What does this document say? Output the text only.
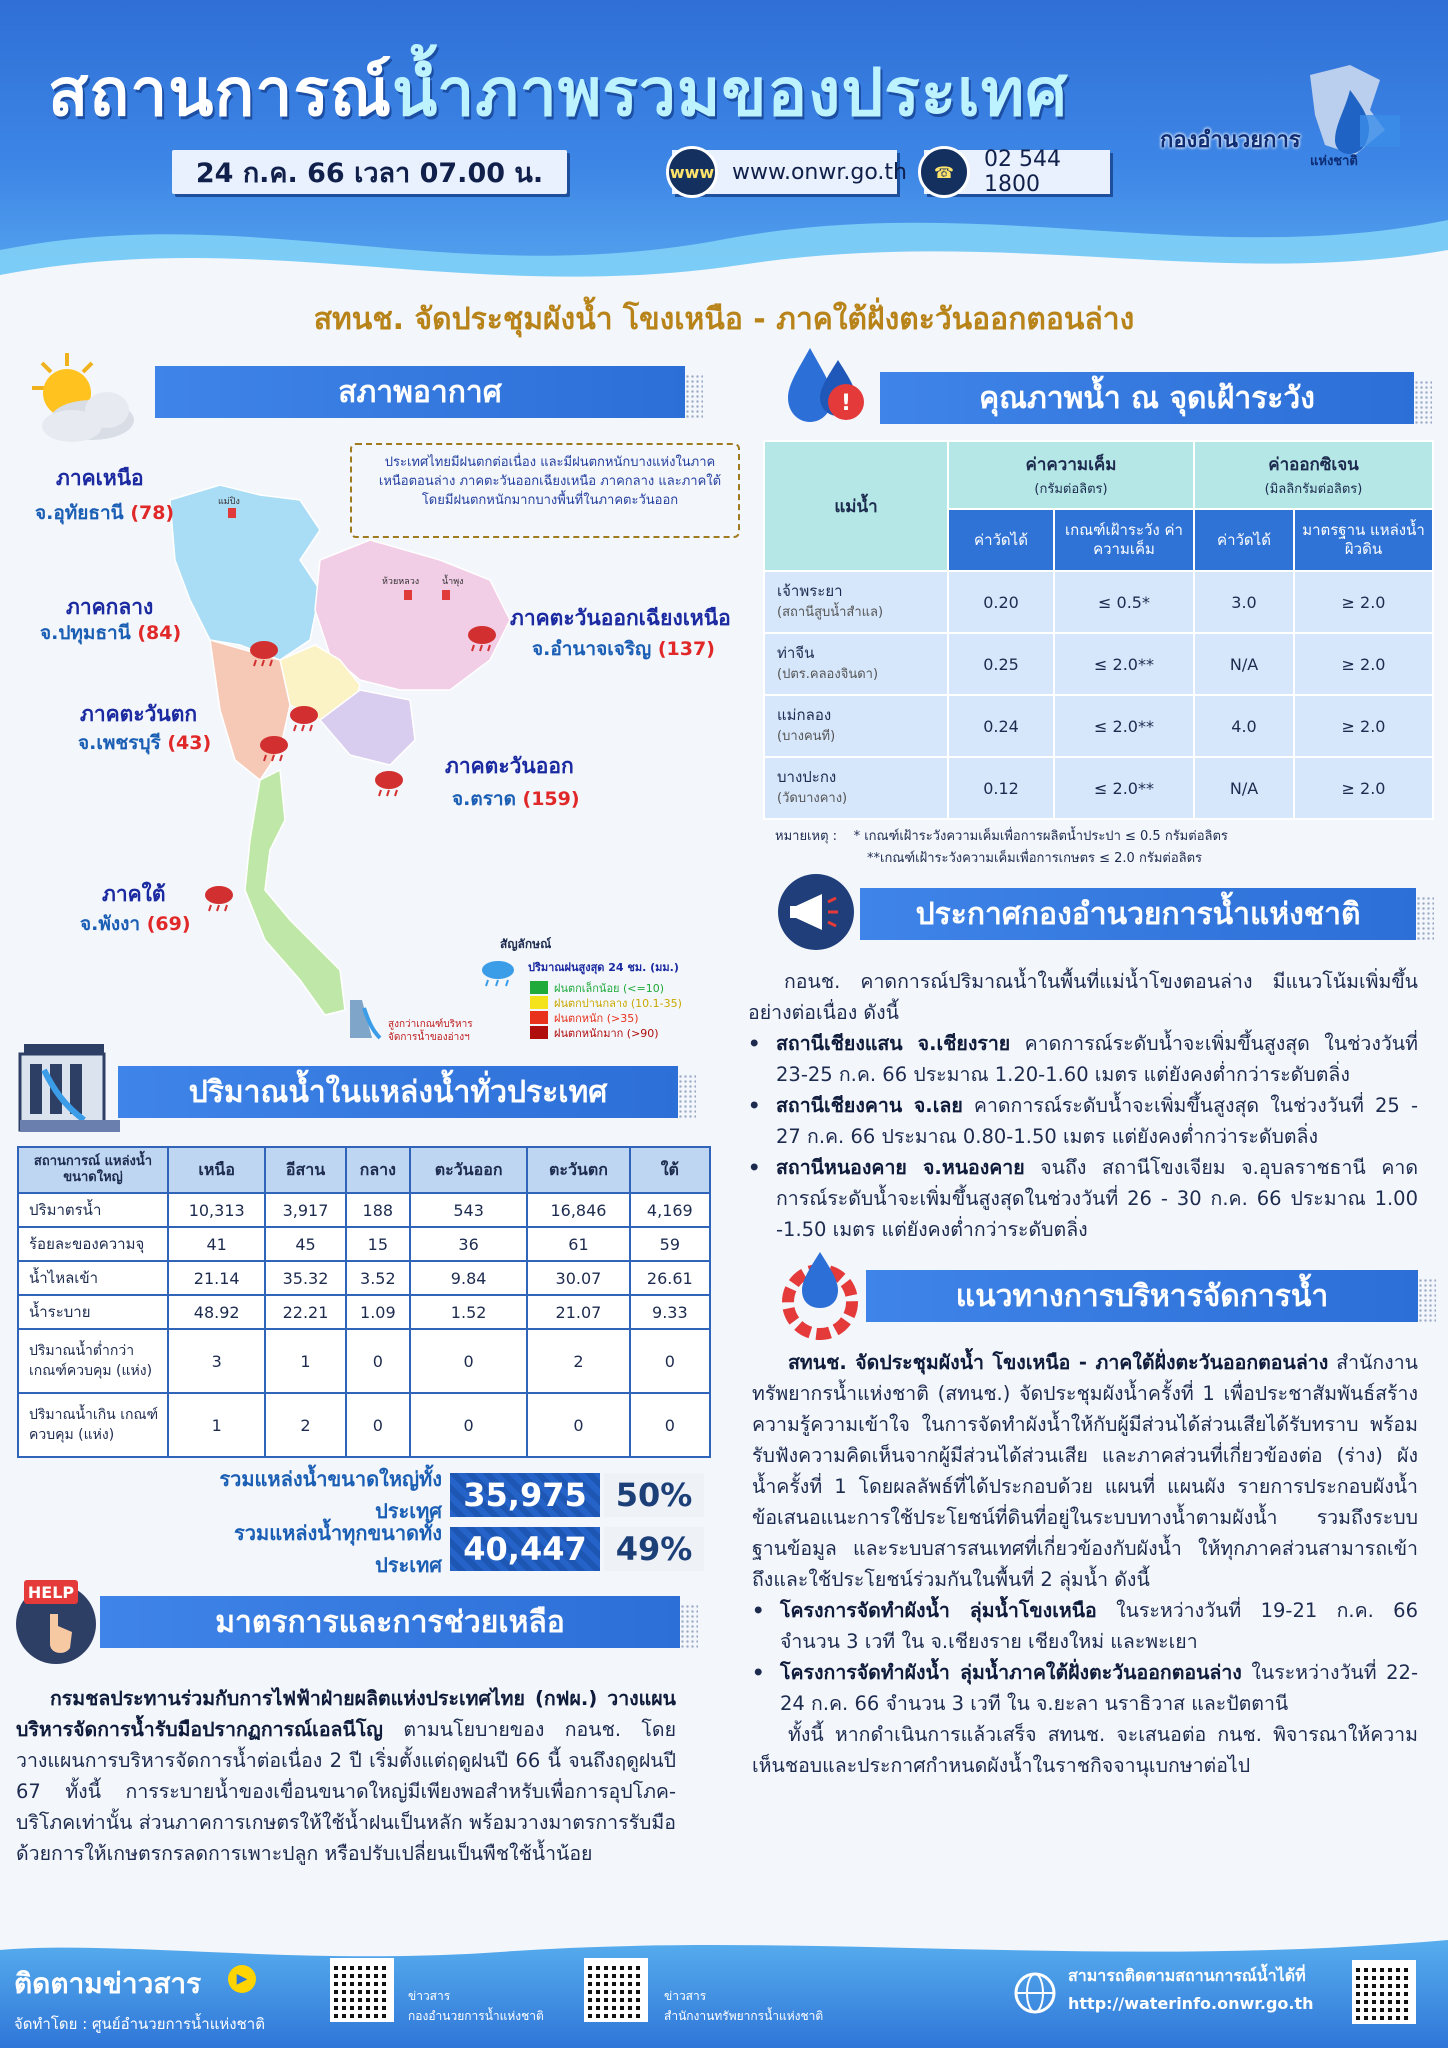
สถานการณ์น้ำภาพรวมของประเทศ
24 ก.ค. 66 เวลา 07.00 น.	www www.onwr.go.th	☎	02 544 1800
กองอำนวยการ
แห่งชาติ
สทนช. จัดประชุมผังน้ำ โขงเหนือ - ภาคใต้ฝั่งตะวันออกตอนล่าง
สภาพอากาศ
แม่ปิง
ห้วยหลวง	น้ำพุง
ประเทศไทยมีฝนตกต่อเนื่อง และมีฝนตกหนักบางแห่งในภาคเหนือตอนล่าง ภาคตะวันออกเฉียงเหนือ ภาคกลาง และภาคใต้ โดยมีฝนตกหนักมากบางพื้นที่ในภาคตะวันออก
ภาคเหนือ
จ.อุทัยธานี (78)
ภาคกลาง
จ.ปทุมธานี (84)
ภาคตะวันตก
จ.เพชรบุรี (43)
ภาคใต้
จ.พังงา (69)
ภาคตะวันออกเฉียงเหนือ
จ.อำนาจเจริญ (137)
ภาคตะวันออก
จ.ตราด (159)
สัญลักษณ์
ปริมาณฝนสูงสุด 24 ชม. (มม.)
ฝนตกเล็กน้อย (<=10)
ฝนตกปานกลาง (10.1-35)
ฝนตกหนัก (>35)
ฝนตกหนักมาก (>90)
สูงกว่าเกณฑ์บริหาร
จัดการน้ำของอ่างฯ
ปริมาณน้ำในแหล่งน้ำทั่วประเทศ
สถานการณ์ แหล่งน้ำขนาดใหญ่	เหนือ	อีสาน	กลาง	ตะวันออก	ตะวันตก	ใต้
ปริมาตรน้ำ	10,313	3,917	188	543	16,846	4,169
ร้อยละของความจุ	41	45	15	36	61	59
น้ำไหลเข้า	21.14	35.32	3.52	9.84	30.07	26.61
น้ำระบาย	48.92	22.21	1.09	1.52	21.07	9.33
ปริมาณน้ำต่ำกว่า เกณฑ์ควบคุม (แห่ง)	3	1	0	0	2	0
ปริมาณน้ำเกิน เกณฑ์ควบคุม (แห่ง)	1	2	0	0	0	0
รวมแหล่งน้ำขนาดใหญ่ทั้งประเทศ 35,975 50%
รวมแหล่งน้ำทุกขนาดทั้งประเทศ 40,447 49%
HELP
มาตรการและการช่วยเหลือ
กรมชลประทานร่วมกับการไฟฟ้าฝ่ายผลิตแห่งประเทศไทย (กฟผ.) วางแผนบริหารจัดการน้ำรับมือปรากฏการณ์เอลนีโญ ตามนโยบายของ กอนช. โดยวางแผนการบริหารจัดการน้ำต่อเนื่อง 2 ปี เริ่มตั้งแต่ฤดูฝนปี 66 นี้ จนถึงฤดูฝนปี 67 ทั้งนี้ การระบายน้ำของเขื่อนขนาดใหญ่มีเพียงพอสำหรับเพื่อการอุปโภค-บริโภคเท่านั้น ส่วนภาคการเกษตรให้ใช้น้ำฝนเป็นหลัก พร้อมวางมาตรการรับมือด้วยการให้เกษตรกรลดการเพาะปลูก หรือปรับเปลี่ยนเป็นพืชใช้น้ำน้อย
!	คุณภาพน้ำ ณ จุดเฝ้าระวัง
แม่น้ำ	ค่าความเค็ม
(กรัมต่อลิตร)		ค่าออกซิเจน
(มิลลิกรัมต่อลิตร)	

	ค่าวัดได้	เกณฑ์เฝ้าระวัง ค่าความเค็ม	ค่าวัดได้	มาตรฐาน แหล่งน้ำผิวดิน
เจ้าพระยา
(สถานีสูบน้ำสำแล)	0.20	≤ 0.5*	3.0	≥ 2.0
ท่าจีน
(ปตร.คลองจินดา)	0.25	≤ 2.0**	N/A	≥ 2.0
แม่กลอง
(บางคนที)	0.24	≤ 2.0**	4.0	≥ 2.0
บางปะกง
(วัดบางคาง)	0.12	≤ 2.0**	N/A	≥ 2.0
หมายเหตุ : * เกณฑ์เฝ้าระวังความเค็มเพื่อการผลิตน้ำประปา ≤ 0.5 กรัมต่อลิตร
**เกณฑ์เฝ้าระวังความเค็มเพื่อการเกษตร ≤ 2.0 กรัมต่อลิตร
ประกาศกองอำนวยการน้ำแห่งชาติ
กอนช. คาดการณ์ปริมาณน้ำในพื้นที่แม่น้ำโขงตอนล่าง มีแนวโน้มเพิ่มขึ้นอย่างต่อเนื่อง ดังนี้
• สถานีเชียงแสน จ.เชียงราย คาดการณ์ระดับน้ำจะเพิ่มขึ้นสูงสุด ในช่วงวันที่ 23-25 ก.ค. 66 ประมาณ 1.20-1.60 เมตร แต่ยังคงต่ำกว่าระดับตลิ่ง
• สถานีเชียงคาน จ.เลย คาดการณ์ระดับน้ำจะเพิ่มขึ้นสูงสุด ในช่วงวันที่ 25 - 27 ก.ค. 66 ประมาณ 0.80-1.50 เมตร แต่ยังคงต่ำกว่าระดับตลิ่ง
• สถานีหนองคาย จ.หนองคาย จนถึง สถานีโขงเจียม จ.อุบลราชธานี คาดการณ์ระดับน้ำจะเพิ่มขึ้นสูงสุดในช่วงวันที่ 26 - 30 ก.ค. 66 ประมาณ 1.00 -1.50 เมตร แต่ยังคงต่ำกว่าระดับตลิ่ง
แนวทางการบริหารจัดการน้ำ
สทนช. จัดประชุมผังน้ำ โขงเหนือ - ภาคใต้ฝั่งตะวันออกตอนล่าง สำนักงานทรัพยากรน้ำแห่งชาติ (สทนช.) จัดประชุมผังน้ำครั้งที่ 1 เพื่อประชาสัมพันธ์สร้างความรู้ความเข้าใจ ในการจัดทำผังน้ำให้กับผู้มีส่วนได้ส่วนเสียได้รับทราบ พร้อมรับฟังความคิดเห็นจากผู้มีส่วนได้ส่วนเสีย และภาคส่วนที่เกี่ยวข้องต่อ (ร่าง) ผังน้ำครั้งที่ 1 โดยผลลัพธ์ที่ได้ประกอบด้วย แผนที่ แผนผัง รายการประกอบผังน้ำ ข้อเสนอแนะการใช้ประโยชน์ที่ดินที่อยู่ในระบบทางน้ำตามผังน้ำ รวมถึงระบบฐานข้อมูล และระบบสารสนเทศที่เกี่ยวข้องกับผังน้ำ ให้ทุกภาคส่วนสามารถเข้าถึงและใช้ประโยชน์ร่วมกันในพื้นที่ 2 ลุ่มน้ำ ดังนี้
• โครงการจัดทำผังน้ำ ลุ่มน้ำโขงเหนือ ในระหว่างวันที่ 19-21 ก.ค. 66 จำนวน 3 เวที ใน จ.เชียงราย เชียงใหม่ และพะเยา
• โครงการจัดทำผังน้ำ ลุ่มน้ำภาคใต้ฝั่งตะวันออกตอนล่าง ในระหว่างวันที่ 22-24 ก.ค. 66 จำนวน 3 เวที ใน จ.ยะลา นราธิวาส และปัตตานี
ทั้งนี้ หากดำเนินการแล้วเสร็จ สทนช. จะเสนอต่อ กนช. พิจารณาให้ความเห็นชอบและประกาศกำหนดผังน้ำในราชกิจจานุเบกษาต่อไป
ติดตามข่าวสาร	▶
จัดทำโดย : ศูนย์อำนวยการน้ำแห่งชาติ
ข่าวสาร
กองอำนวยการน้ำแห่งชาติ
ข่าวสาร
สำนักงานทรัพยากรน้ำแห่งชาติ
สามารถติดตามสถานการณ์น้ำได้ที่
http://waterinfo.onwr.go.th
